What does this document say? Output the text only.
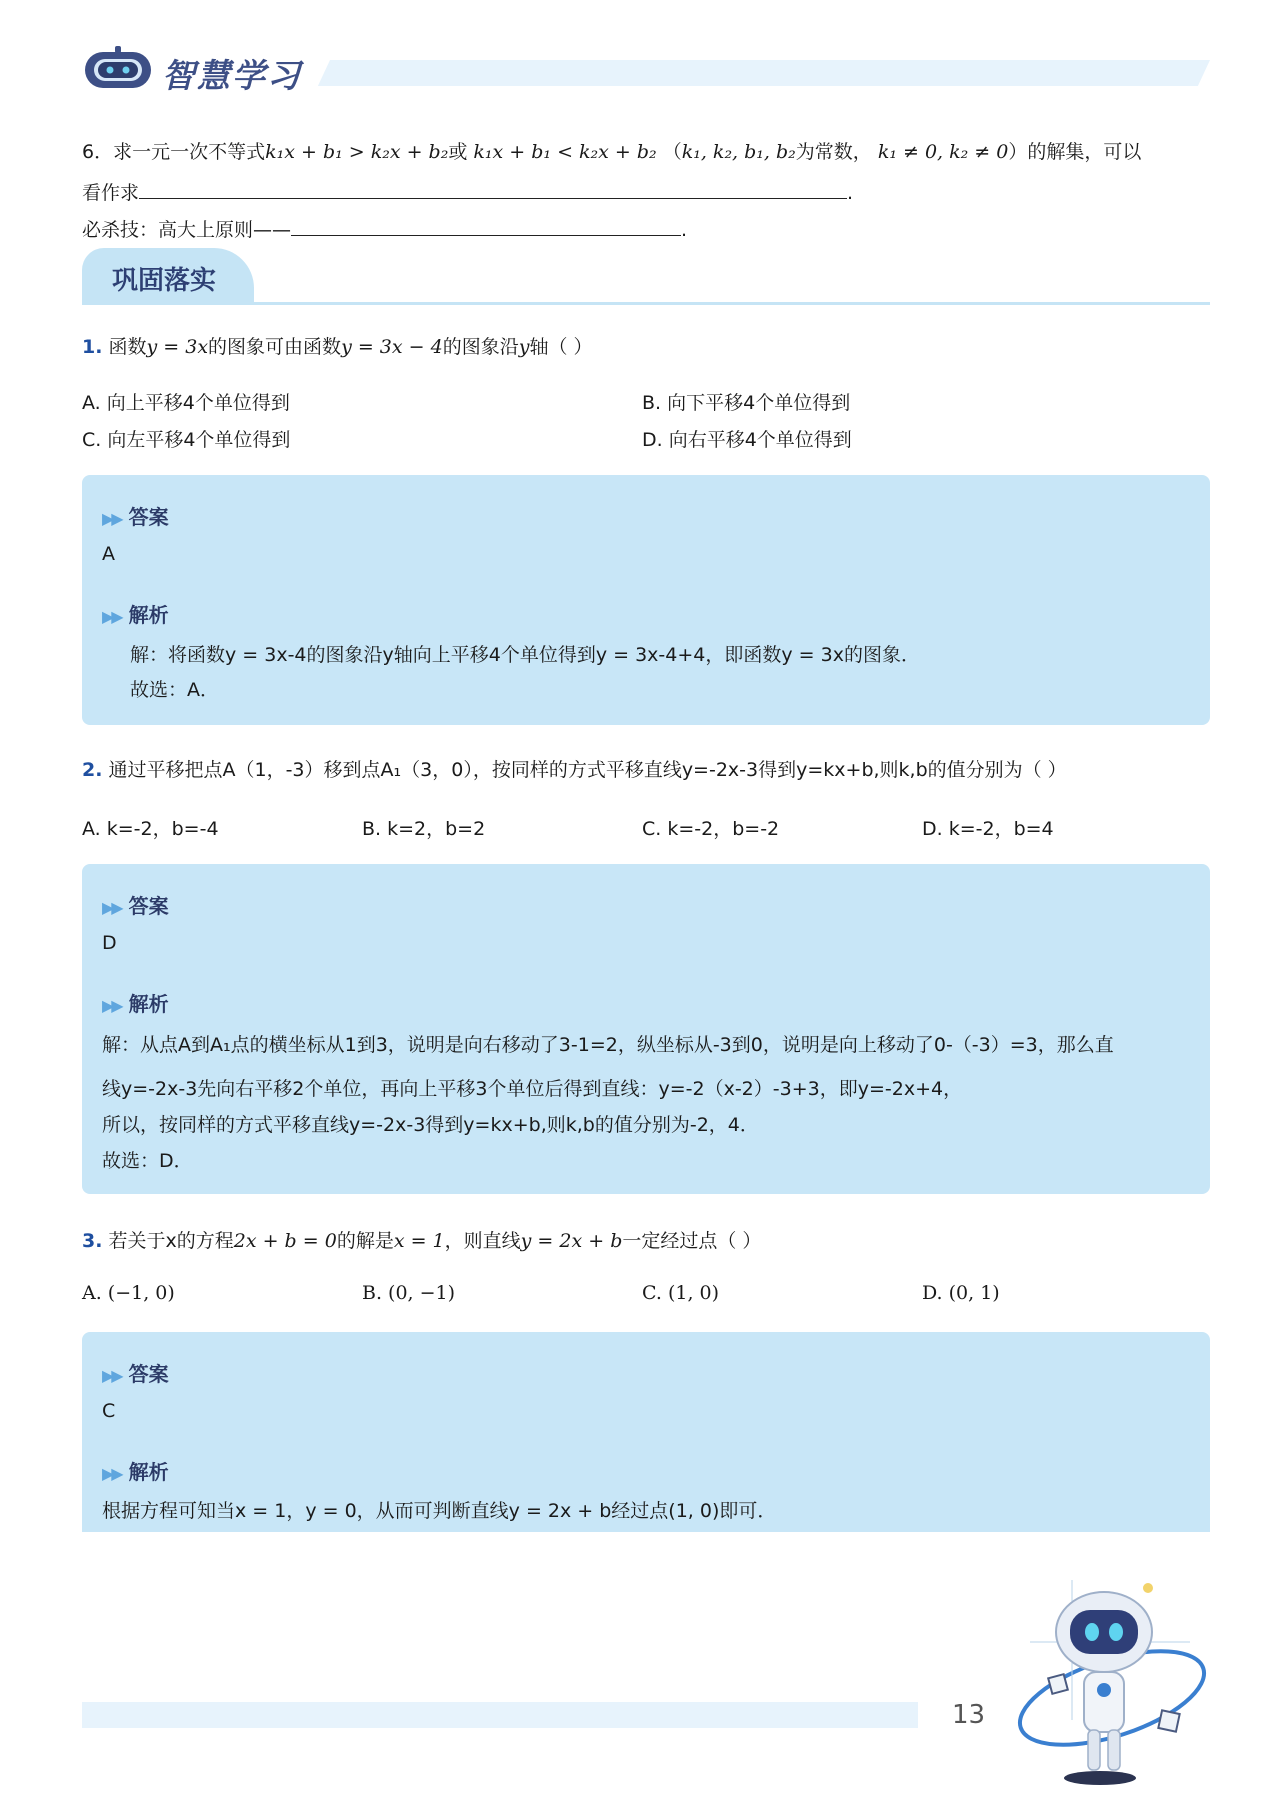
智慧学习
6．求一元一次不等式k₁x + b₁ > k₂x + b₂或 k₁x + b₁ < k₂x + b₂ （k₁, k₂, b₁, b₂为常数， k₁ ≠ 0, k₂ ≠ 0）的解集，可以
看作求	.
必杀技：高大上原则——	.
巩固落实
1. 函数y = 3x的图象可由函数y = 3x − 4的图象沿y轴（ ）
A. 向上平移4个单位得到	B. 向下平移4个单位得到
C. 向左平移4个单位得到	D. 向右平移4个单位得到
▶▶ 答案
A
▶▶ 解析
解：将函数y = 3x-4的图象沿y轴向上平移4个单位得到y = 3x-4+4，即函数y = 3x的图象．
故选：A．
2. 通过平移把点A（1，-3）移到点A₁（3，0），按同样的方式平移直线y=-2x-3得到y=kx+b,则k,b的值分别为（ ）
A. k=-2，b=-4	B. k=2，b=2	C. k=-2，b=-2	D. k=-2，b=4
▶▶ 答案
D
▶▶ 解析
解：从点A到A₁点的横坐标从1到3，说明是向右移动了3-1=2，纵坐标从-3到0，说明是向上移动了0-（-3）=3，那么直
线y=-2x-3先向右平移2个单位，再向上平移3个单位后得到直线：y=-2（x-2）-3+3，即y=-2x+4，
所以，按同样的方式平移直线y=-2x-3得到y=kx+b,则k,b的值分别为-2，4．
故选：D．
3. 若关于x的方程2x + b = 0的解是x = 1，则直线y = 2x + b一定经过点（ ）
A. (−1, 0)	B. (0, −1)	C. (1, 0)	D. (0, 1)
▶▶ 答案
C
▶▶ 解析
根据方程可知当x = 1，y = 0，从而可判断直线y = 2x + b经过点(1, 0)即可．
13
